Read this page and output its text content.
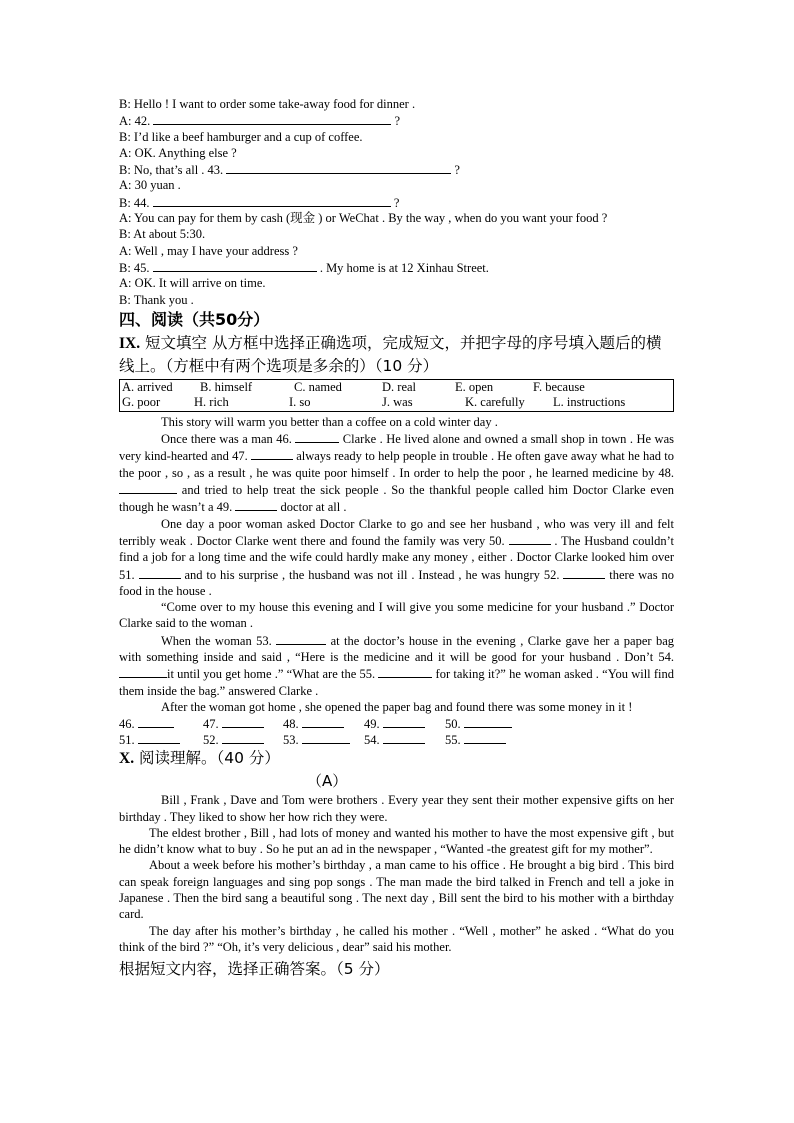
B: Hello ! I want to order some take-away food for dinner .
A: 42.	?
B: I’d like a beef hamburger and a cup of coffee.
A: OK. Anything else ?
B: No, that’s all . 43.	?
A: 30 yuan .
B: 44.	?
A: You can pay for them by cash (现金 ) or WeChat . By the way , when do you want your food ?
B: At about 5:30.
A: Well , may I have your address ?
B: 45.	. My home is at 12 Xinhau Street.
A: OK. It will arrive on time.
B: Thank you .
四、阅读（共50分）
IX. 短文填空 从方框中选择正确选项，完成短文，并把字母的序号填入题后的横线上。（方框中有两个选项是多余的）（10 分）
A. arrived B. himself	C. named	D. real	E. open	F. because
G. poor	H. rich	I. so	J. was	K. carefully L. instructions
This story will warm you better than a coffee on a cold winter day .
Once there was a man 46.	Clarke . He lived alone and owned a small shop in town . He was very kind-hearted and 47.	always ready to help people in trouble . He often gave away what he had to the poor , so , as a result , he was quite poor himself . In order to help the poor , he learned medicine by 48.  and tried to help treat the sick people . So the thankful people called him Doctor Clarke even though he wasn’t a 49.	doctor at all .
One day a poor woman asked Doctor Clarke to go and see her husband , who was very ill and felt terribly weak . Doctor Clarke went there and found the family was very 50.	. The Husband couldn’t find a job for a long time and the wife could hardly make any money , either . Doctor Clarke looked him over 51.	and to his surprise , the husband was not ill . Instead , he was hungry 52.	there was no food in the house .
“Come over to my house this evening and I will give you some medicine for your husband .” Doctor Clarke said to the woman .
When the woman 53.	at the doctor’s house in the evening , Clarke gave her a paper bag with something inside and said , “Here is the medicine and it will be good for your husband . Don’t 54. it until you get home .” “What are the 55.	for taking it?” he woman asked . “You will find them inside the bag.” answered Clarke .
After the woman got home , she opened the paper bag and found there was some money in it !
46.	47.	48.	49.	50.
51.	52.	53.	54.	55.
X. 阅读理解。（40 分）
（A）
Bill , Frank , Dave and Tom were brothers . Every year they sent their mother expensive gifts on her birthday . They liked to show her how rich they were.
The eldest brother , Bill , had lots of money and wanted his mother to have the most expensive gift , but he didn’t know what to buy . So he put an ad in the newspaper , “Wanted -the greatest gift for my mother”.
About a week before his mother’s birthday , a man came to his office . He brought a big bird . This bird can speak foreign languages and sing pop songs . The man made the bird talked in French and tell a joke in Japanese . Then the bird sang a beautiful song . The next day , Bill sent the bird to his mother with a birthday card.
The day after his mother’s birthday , he called his mother . “Well , mother” he asked . “What do you think of the bird ?” “Oh, it’s very delicious , dear” said his mother.
根据短文内容，选择正确答案。（5 分）
